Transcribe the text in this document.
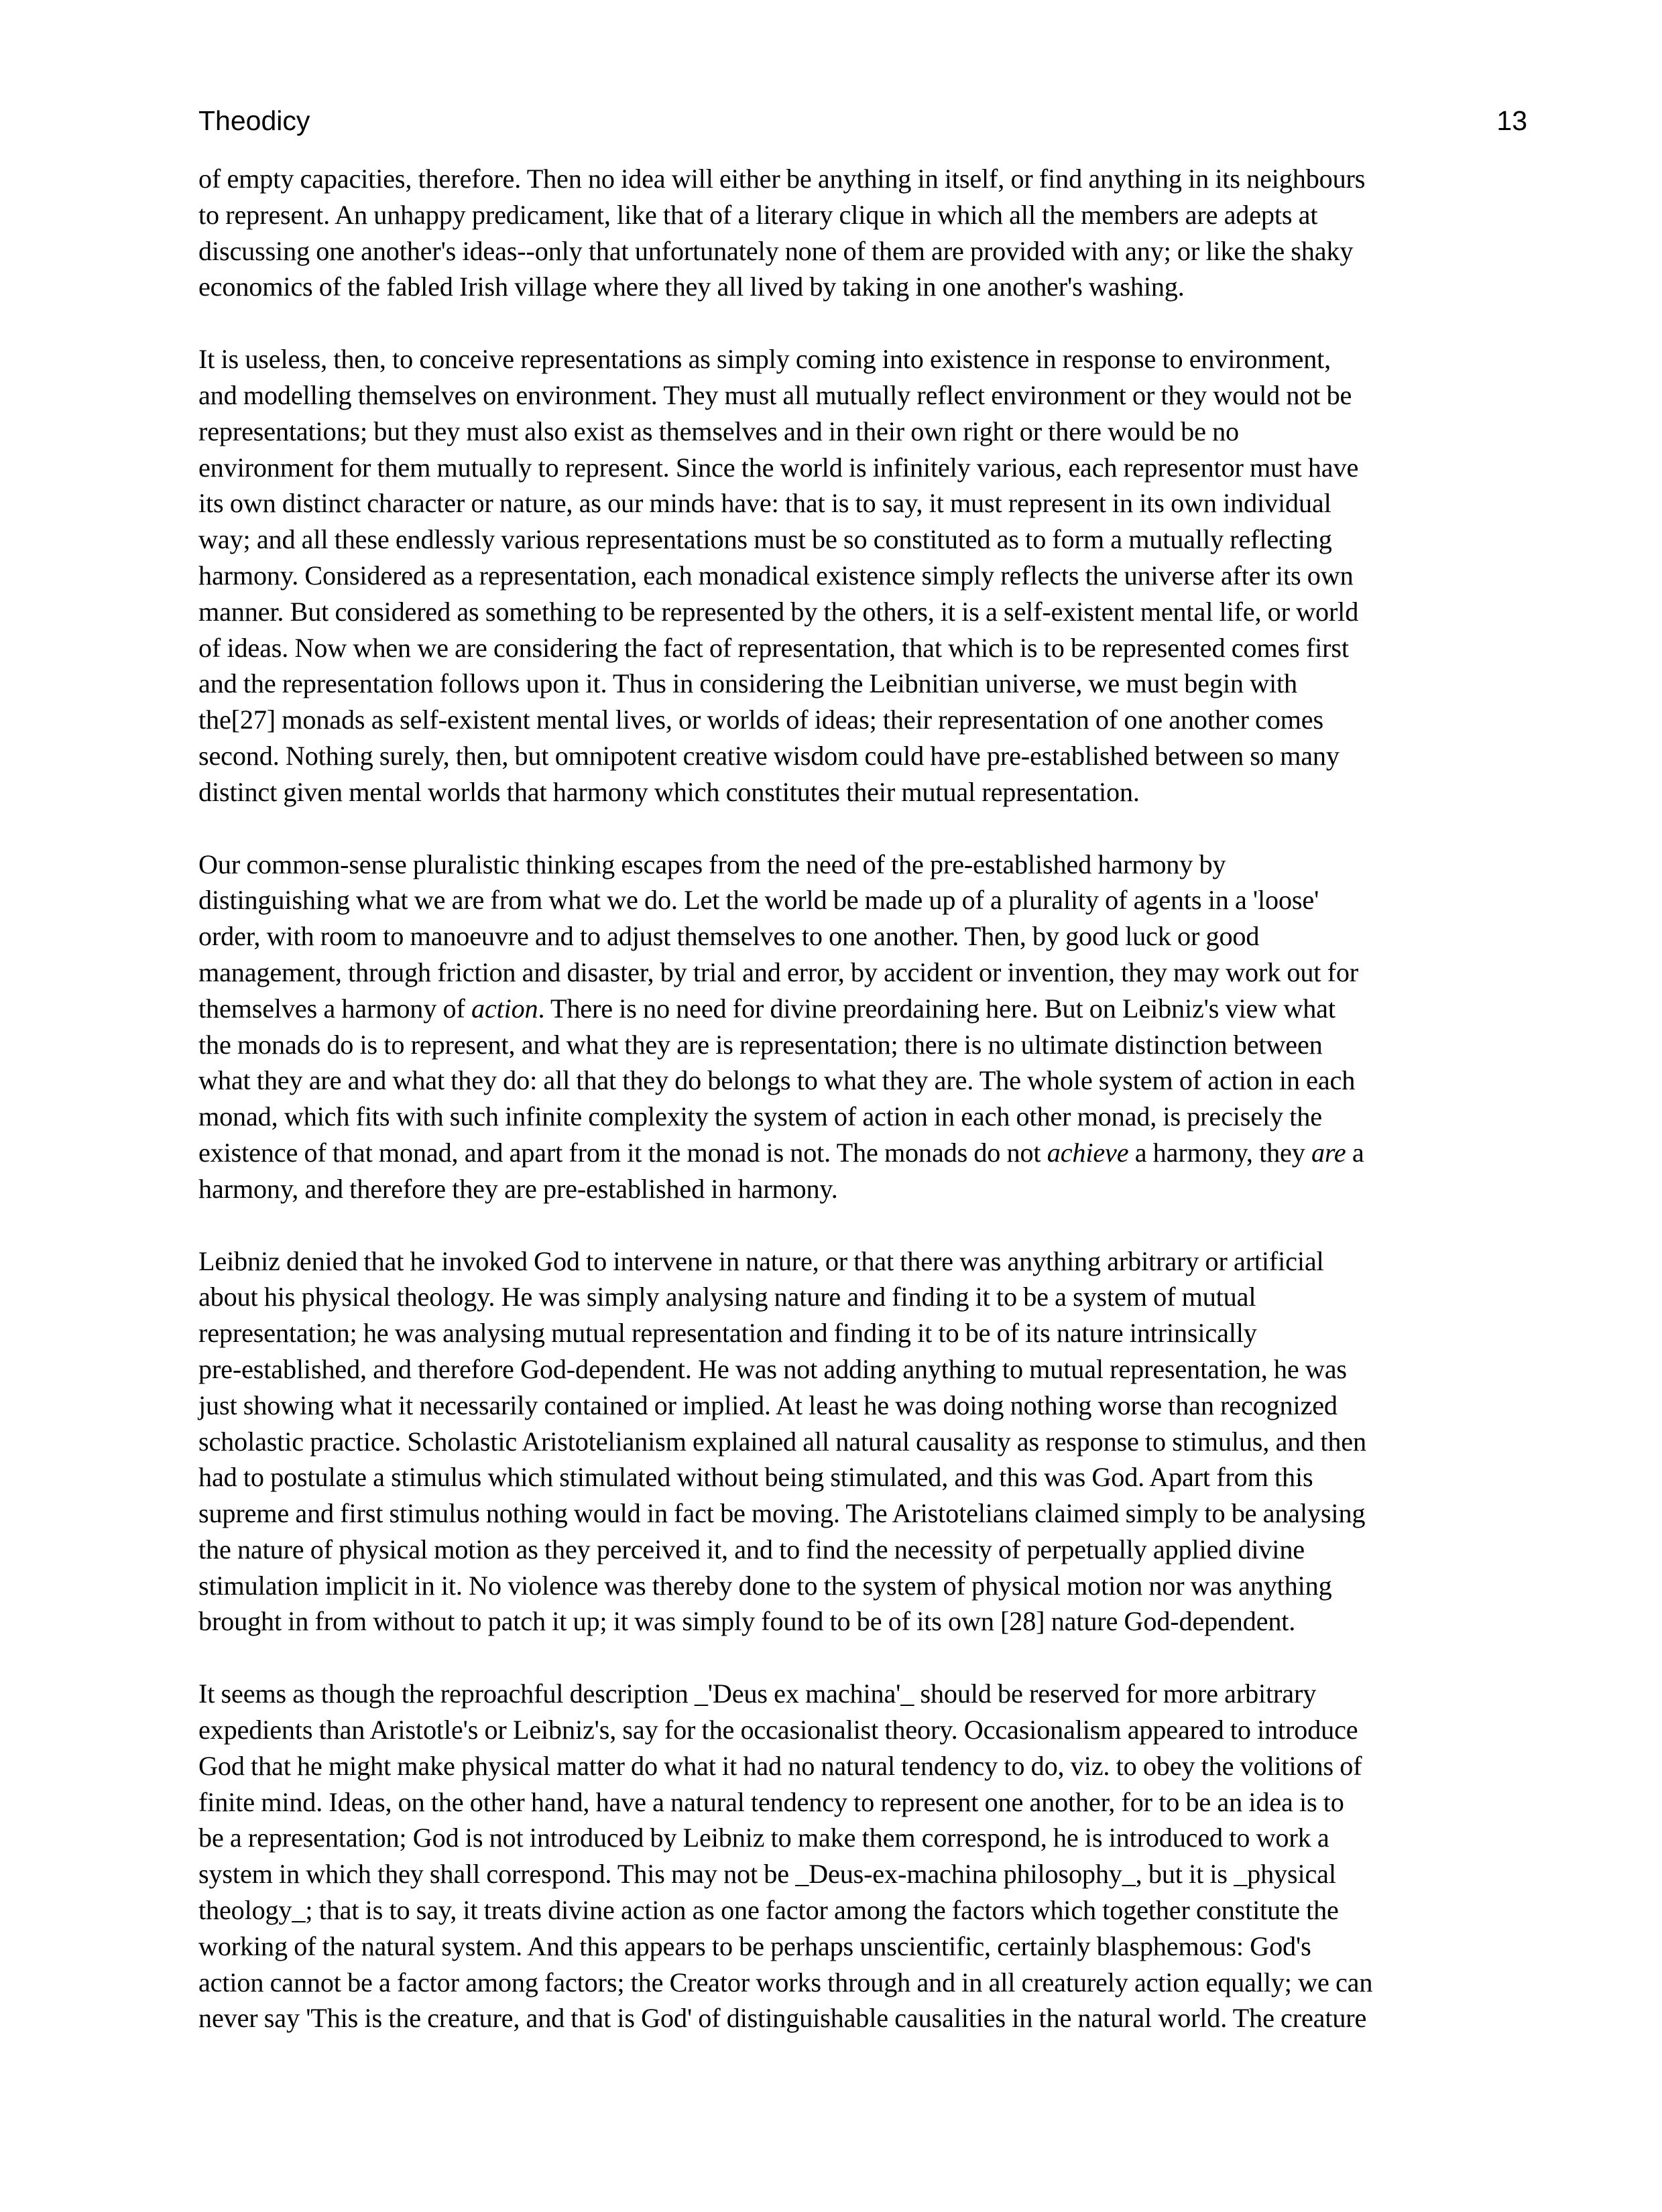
Theodicy	13
of empty capacities, therefore. Then no idea will either be anything in itself, or find anything in its neighbours
to represent. An unhappy predicament, like that of a literary clique in which all the members are adepts at
discussing one another's ideas--only that unfortunately none of them are provided with any; or like the shaky
economics of the fabled Irish village where they all lived by taking in one another's washing.
It is useless, then, to conceive representations as simply coming into existence in response to environment,
and modelling themselves on environment. They must all mutually reflect environment or they would not be
representations; but they must also exist as themselves and in their own right or there would be no
environment for them mutually to represent. Since the world is infinitely various, each representor must have
its own distinct character or nature, as our minds have: that is to say, it must represent in its own individual
way; and all these endlessly various representations must be so constituted as to form a mutually reflecting
harmony. Considered as a representation, each monadical existence simply reflects the universe after its own
manner. But considered as something to be represented by the others, it is a self-existent mental life, or world
of ideas. Now when we are considering the fact of representation, that which is to be represented comes first
and the representation follows upon it. Thus in considering the Leibnitian universe, we must begin with
the[27] monads as self-existent mental lives, or worlds of ideas; their representation of one another comes
second. Nothing surely, then, but omnipotent creative wisdom could have pre-established between so many
distinct given mental worlds that harmony which constitutes their mutual representation.
Our common-sense pluralistic thinking escapes from the need of the pre-established harmony by
distinguishing what we are from what we do. Let the world be made up of a plurality of agents in a 'loose'
order, with room to manoeuvre and to adjust themselves to one another. Then, by good luck or good
management, through friction and disaster, by trial and error, by accident or invention, they may work out for
themselves a harmony of action. There is no need for divine preordaining here. But on Leibniz's view what
the monads do is to represent, and what they are is representation; there is no ultimate distinction between
what they are and what they do: all that they do belongs to what they are. The whole system of action in each
monad, which fits with such infinite complexity the system of action in each other monad, is precisely the
existence of that monad, and apart from it the monad is not. The monads do not achieve a harmony, they are a
harmony, and therefore they are pre-established in harmony.
Leibniz denied that he invoked God to intervene in nature, or that there was anything arbitrary or artificial
about his physical theology. He was simply analysing nature and finding it to be a system of mutual
representation; he was analysing mutual representation and finding it to be of its nature intrinsically
pre-established, and therefore God-dependent. He was not adding anything to mutual representation, he was
just showing what it necessarily contained or implied. At least he was doing nothing worse than recognized
scholastic practice. Scholastic Aristotelianism explained all natural causality as response to stimulus, and then
had to postulate a stimulus which stimulated without being stimulated, and this was God. Apart from this
supreme and first stimulus nothing would in fact be moving. The Aristotelians claimed simply to be analysing
the nature of physical motion as they perceived it, and to find the necessity of perpetually applied divine
stimulation implicit in it. No violence was thereby done to the system of physical motion nor was anything
brought in from without to patch it up; it was simply found to be of its own [28] nature God-dependent.
It seems as though the reproachful description _'Deus ex machina'_ should be reserved for more arbitrary
expedients than Aristotle's or Leibniz's, say for the occasionalist theory. Occasionalism appeared to introduce
God that he might make physical matter do what it had no natural tendency to do, viz. to obey the volitions of
finite mind. Ideas, on the other hand, have a natural tendency to represent one another, for to be an idea is to
be a representation; God is not introduced by Leibniz to make them correspond, he is introduced to work a
system in which they shall correspond. This may not be _Deus-ex-machina philosophy_, but it is _physical
theology_; that is to say, it treats divine action as one factor among the factors which together constitute the
working of the natural system. And this appears to be perhaps unscientific, certainly blasphemous: God's
action cannot be a factor among factors; the Creator works through and in all creaturely action equally; we can
never say 'This is the creature, and that is God' of distinguishable causalities in the natural world. The creature
